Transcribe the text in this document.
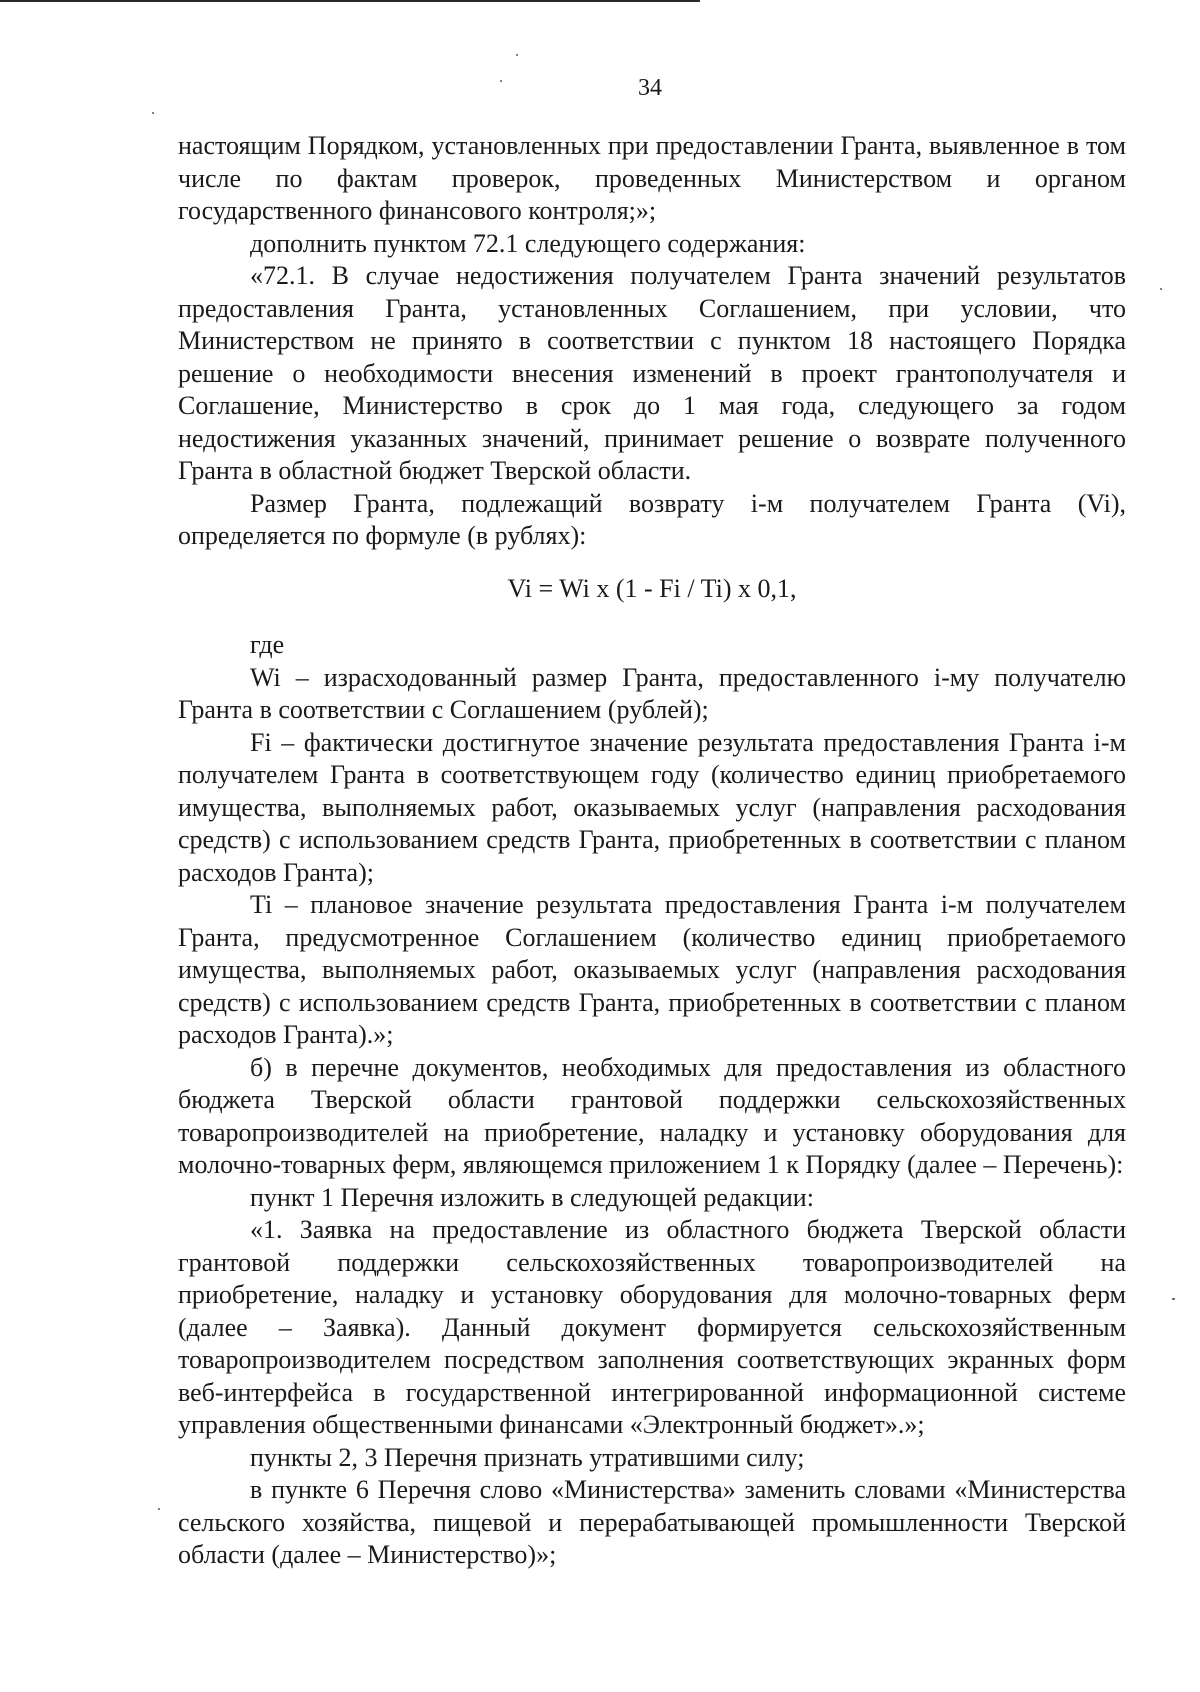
34

настоящим Порядком, установленных при предоставлении Гранта, выявленное в том числе по фактам проверок, проведенных Министерством и органом государственного финансового контроля;»;

дополнить пунктом 72.1 следующего содержания:

«72.1. В случае недостижения получателем Гранта значений результатов предоставления Гранта, установленных Соглашением, при условии, что Министерством не принято в соответствии с пунктом 18 настоящего Порядка решение о необходимости внесения изменений в проект грантополучателя и Соглашение, Министерство в срок до 1 мая года, следующего за годом недостижения указанных значений, принимает решение о возврате полученного Гранта в областной бюджет Тверской области.

Размер Гранта, подлежащий возврату i-м получателем Гранта (Vi), определяется по формуле (в рублях):

Vi = Wi x (1 - Fi / Ti) x 0,1,

где

Wi – израсходованный размер Гранта, предоставленного i-му получателю Гранта в соответствии с Соглашением (рублей);

Fi – фактически достигнутое значение результата предоставления Гранта i-м получателем Гранта в соответствующем году (количество единиц приобретаемого имущества, выполняемых работ, оказываемых услуг (направления расходования средств) с использованием средств Гранта, приобретенных в соответствии с планом расходов Гранта);

Ti – плановое значение результата предоставления Гранта i-м получателем Гранта, предусмотренное Соглашением (количество единиц приобретаемого имущества, выполняемых работ, оказываемых услуг (направления расходования средств) с использованием средств Гранта, приобретенных в соответствии с планом расходов Гранта).»;

б) в перечне документов, необходимых для предоставления из областного бюджета Тверской области грантовой поддержки сельскохозяйственных товаропроизводителей на приобретение, наладку и установку оборудования для молочно-товарных ферм, являющемся приложением 1 к Порядку (далее – Перечень):

пункт 1 Перечня изложить в следующей редакции:

«1. Заявка на предоставление из областного бюджета Тверской области грантовой поддержки сельскохозяйственных товаропроизводителей на приобретение, наладку и установку оборудования для молочно-товарных ферм (далее – Заявка). Данный документ формируется сельскохозяйственным товаропроизводителем посредством заполнения соответствующих экранных форм веб-интерфейса в государственной интегрированной информационной системе управления общественными финансами «Электронный бюджет».»;

пункты 2, 3 Перечня признать утратившими силу;

в пункте 6 Перечня слово «Министерства» заменить словами «Министерства сельского хозяйства, пищевой и перерабатывающей промышленности Тверской области (далее – Министерство)»;
